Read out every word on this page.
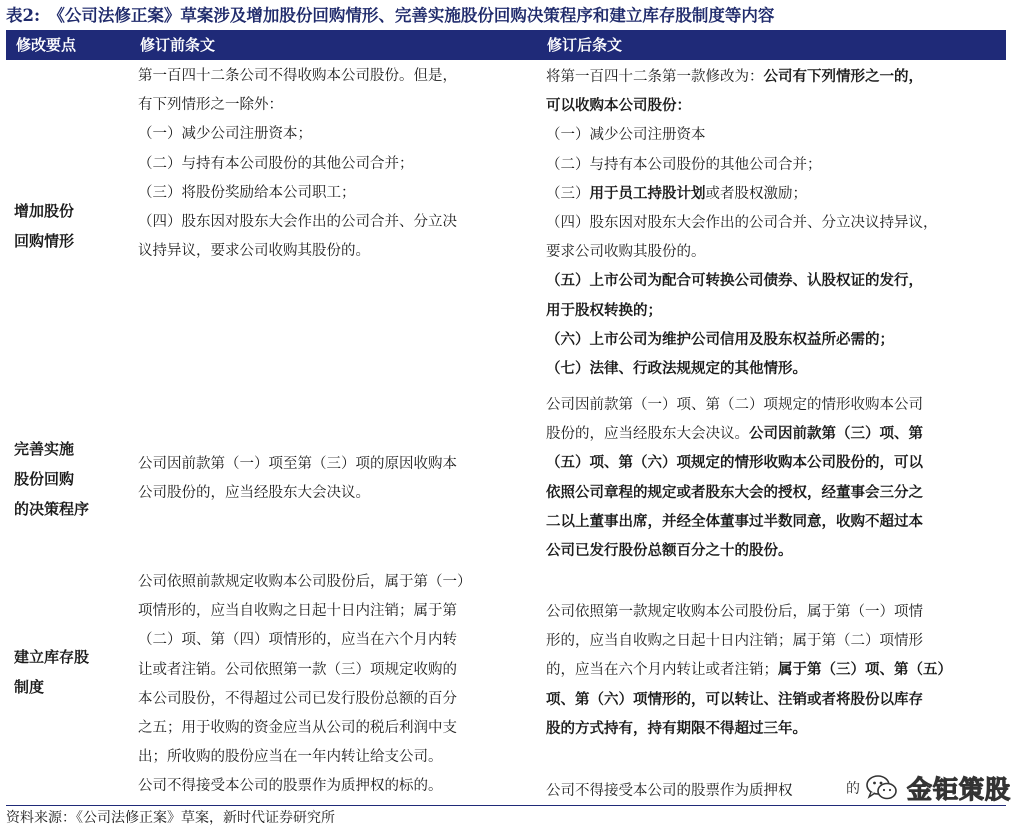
表2:　《公司法修正案》草案涉及增加股份回购情形、完善实施股份回购决策程序和建立库存股制度等内容
修改要点	修订前条文	修订后条文
增加股份
回购情形
第一百四十二条公司不得收购本公司股份。但是，
有下列情形之一除外：
（一）减少公司注册资本；
（二）与持有本公司股份的其他公司合并；
（三）将股份奖励给本公司职工；
（四）股东因对股东大会作出的公司合并、分立决
议持异议，要求公司收购其股份的。
将第一百四十二条第一款修改为：公司有下列情形之一的，
可以收购本公司股份：
（一）减少公司注册资本
（二）与持有本公司股份的其他公司合并；
（三）用于员工持股计划或者股权激励；
（四）股东因对股东大会作出的公司合并、分立决议持异议，
要求公司收购其股份的。
（五）上市公司为配合可转换公司债券、认股权证的发行，
用于股权转换的；
（六）上市公司为维护公司信用及股东权益所必需的；
（七）法律、行政法规规定的其他情形。
完善实施
股份回购
的决策程序
公司因前款第（一）项至第（三）项的原因收购本
公司股份的，应当经股东大会决议。
公司因前款第（一）项、第（二）项规定的情形收购本公司
股份的，应当经股东大会决议。公司因前款第（三）项、第
（五）项、第（六）项规定的情形收购本公司股份的，可以
依照公司章程的规定或者股东大会的授权，经董事会三分之
二以上董事出席，并经全体董事过半数同意，收购不超过本
公司已发行股份总额百分之十的股份。
建立库存股
制度
公司依照前款规定收购本公司股份后，属于第（一）
项情形的，应当自收购之日起十日内注销；属于第
（二）项、第（四）项情形的，应当在六个月内转
让或者注销。公司依照第一款（三）项规定收购的
本公司股份，不得超过公司已发行股份总额的百分
之五；用于收购的资金应当从公司的税后利润中支
出；所收购的股份应当在一年内转让给支公司。
公司不得接受本公司的股票作为质押权的标的。
公司依照第一款规定收购本公司股份后，属于第（一）项情
形的，应当自收购之日起十日内注销；属于第（二）项情形
的，应当在六个月内转让或者注销；属于第（三）项、第（五）
项、第（六）项情形的，可以转让、注销或者将股份以库存
股的方式持有，持有期限不得超过三年。
公司不得接受本公司的股票作为质押权
资料来源：《公司法修正案》草案，新时代证券研究所
的 金钜策股
